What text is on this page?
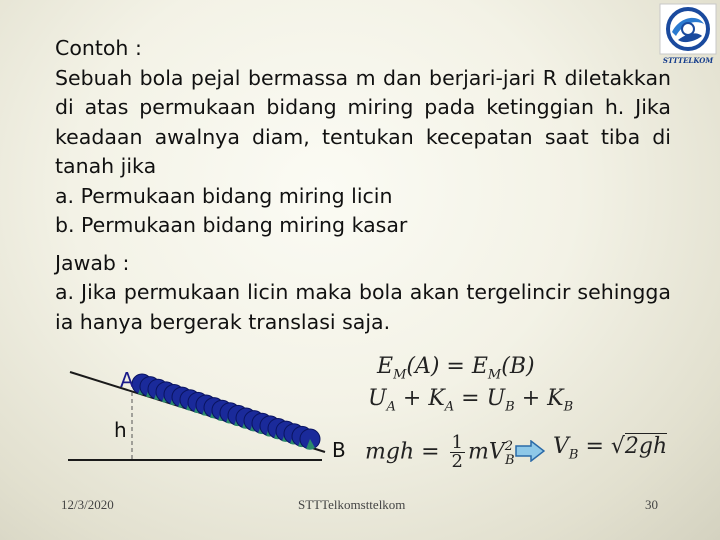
STTTELKOM

Contoh :

Sebuah bola pejal bermassa m dan berjari-jari R diletakkan di atas permukaan bidang miring pada ketinggian h. Jika keadaan awalnya diam, tentukan kecepatan saat tiba di tanah jika

a. Permukaan bidang miring licin

b. Permukaan bidang miring kasar

Jawab :

a. Jika permukaan licin maka bola akan tergelincir sehingga ia hanya bergerak translasi saja.

A
h
B
$E_M(A) = E_M(B)$
$U_A + K_A = U_B + K_B$
mgh = $\frac{1}{2} mV^2_B$
$V_B = √2gh$
12/3/2020	STTTelkomsttelkom	30
